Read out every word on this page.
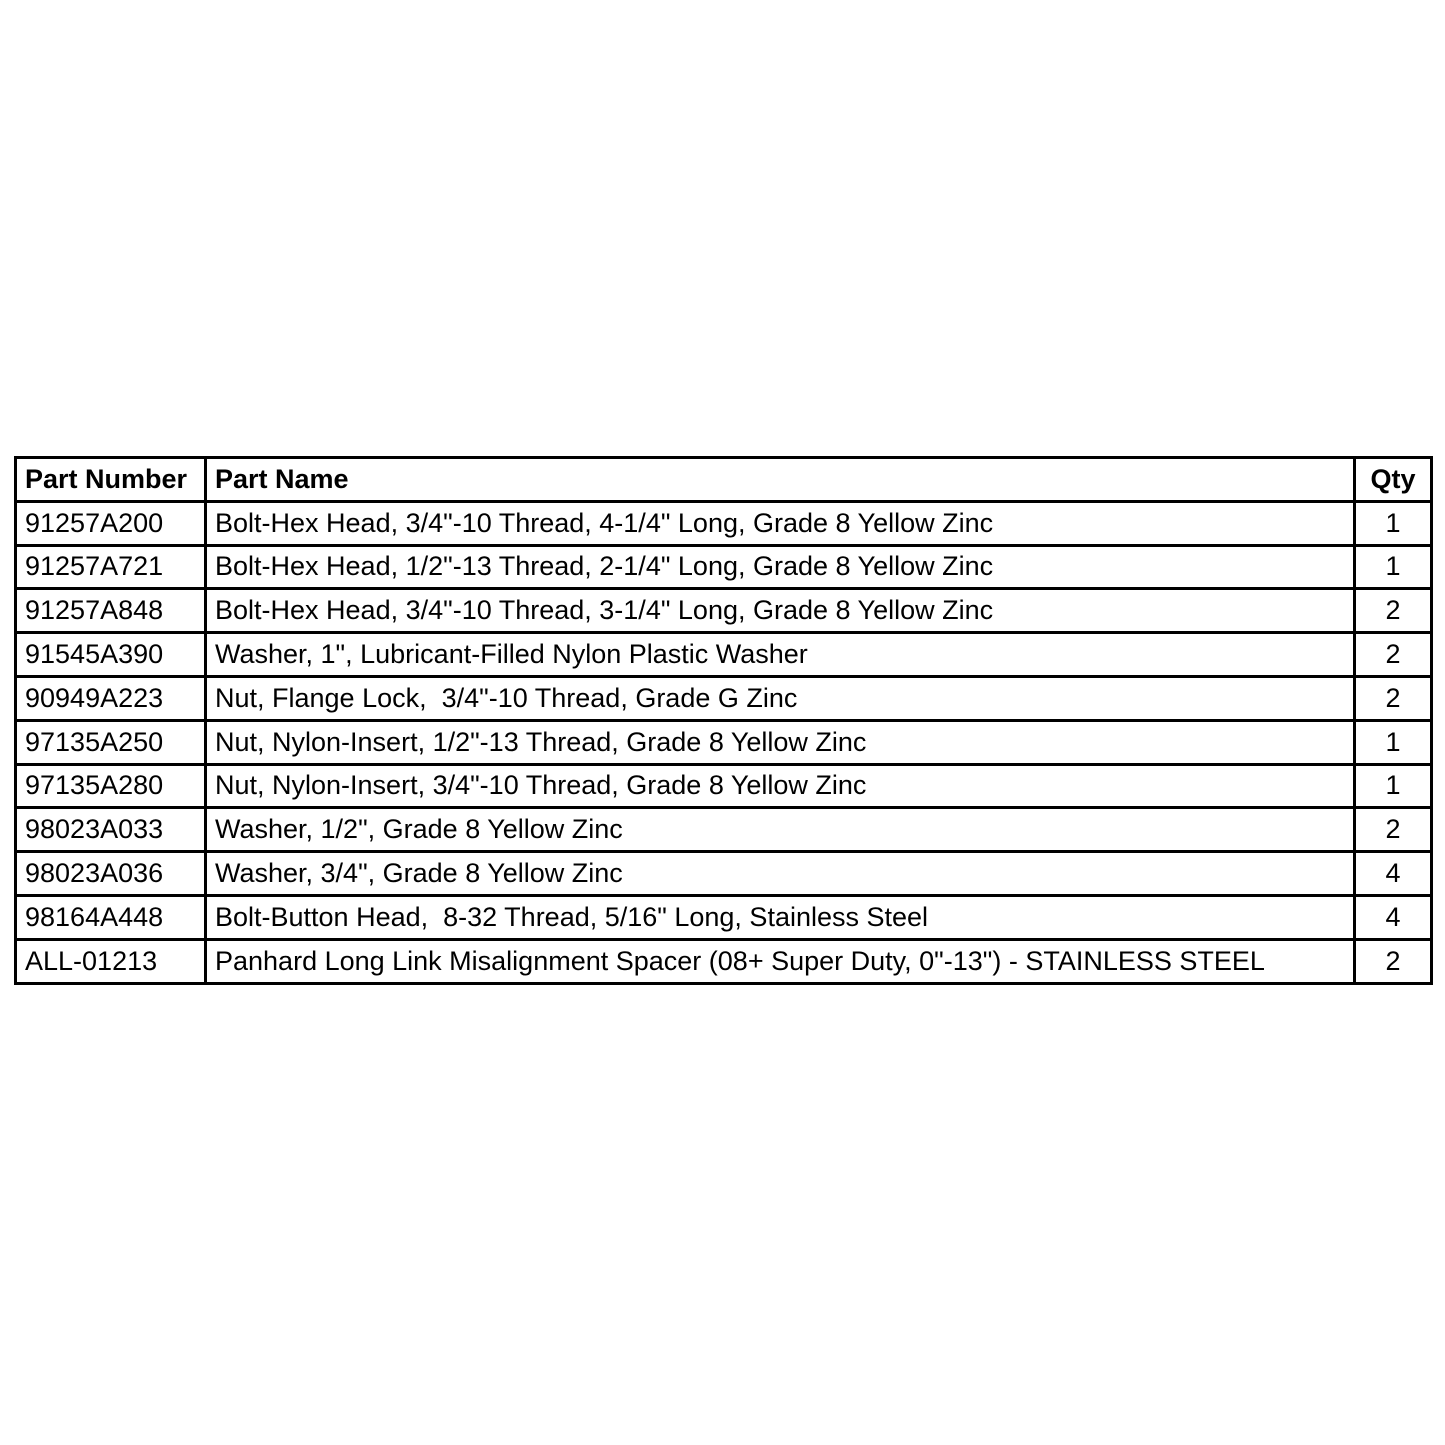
Part Number	Part Name	Qty
91257A200	Bolt-Hex Head, 3/4"-10 Thread, 4-1/4" Long, Grade 8 Yellow Zinc	1
91257A721	Bolt-Hex Head, 1/2"-13 Thread, 2-1/4" Long, Grade 8 Yellow Zinc	1
91257A848	Bolt-Hex Head, 3/4"-10 Thread, 3-1/4" Long, Grade 8 Yellow Zinc	2
91545A390	Washer, 1", Lubricant-Filled Nylon Plastic Washer	2
90949A223	Nut, Flange Lock,  3/4"-10 Thread, Grade G Zinc	2
97135A250	Nut, Nylon-Insert, 1/2"-13 Thread, Grade 8 Yellow Zinc	1
97135A280	Nut, Nylon-Insert, 3/4"-10 Thread, Grade 8 Yellow Zinc	1
98023A033	Washer, 1/2", Grade 8 Yellow Zinc	2
98023A036	Washer, 3/4", Grade 8 Yellow Zinc	4
98164A448	Bolt-Button Head,  8-32 Thread, 5/16" Long, Stainless Steel	4
ALL-01213	Panhard Long Link Misalignment Spacer (08+ Super Duty, 0"-13") - STAINLESS STEEL	2
